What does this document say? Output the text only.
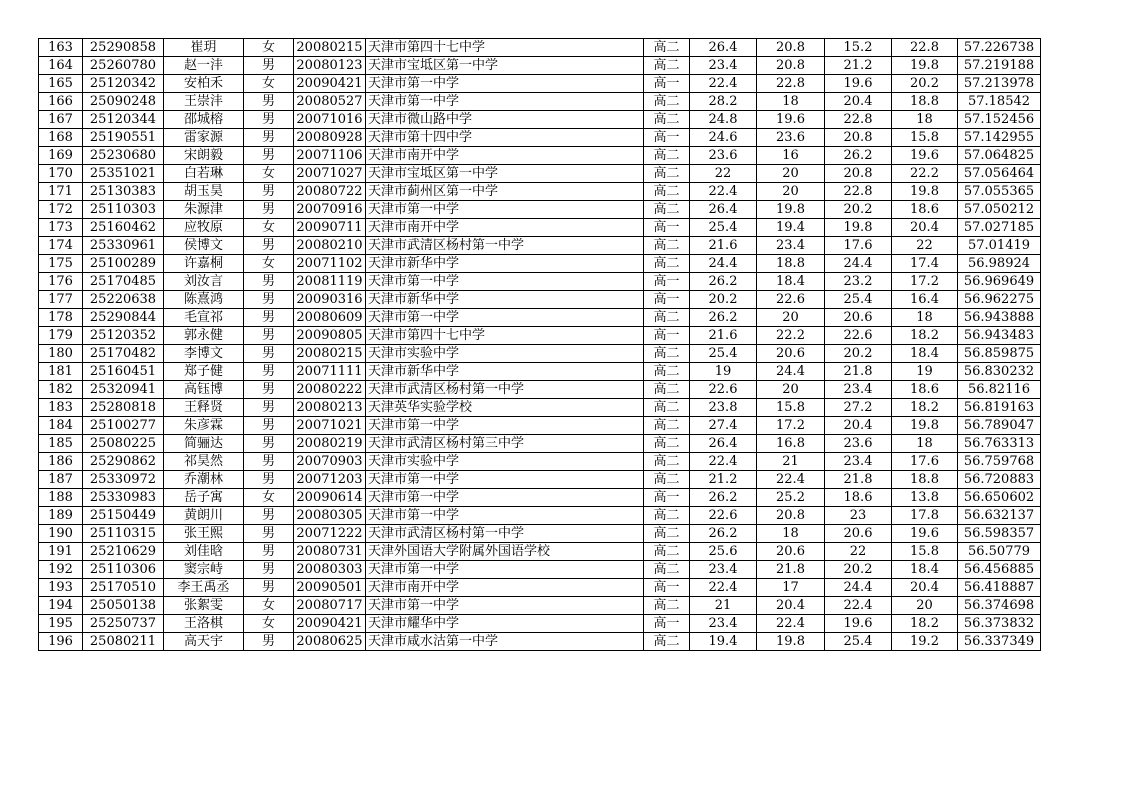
163	25290858	崔玥	女	20080215	天津市第四十七中学	高二	26.4	20.8	15.2	22.8	57.226738
164	25260780	赵一沣	男	20080123	天津市宝坻区第一中学	高二	23.4	20.8	21.2	19.8	57.219188
165	25120342	安柏禾	女	20090421	天津市第一中学	高一	22.4	22.8	19.6	20.2	57.213978
166	25090248	王崇沣	男	20080527	天津市第一中学	高二	28.2	18	20.4	18.8	57.18542
167	25120344	邵城榕	男	20071016	天津市微山路中学	高二	24.8	19.6	22.8	18	57.152456
168	25190551	雷家源	男	20080928	天津市第十四中学	高一	24.6	23.6	20.8	15.8	57.142955
169	25230680	宋朗毅	男	20071106	天津市南开中学	高二	23.6	16	26.2	19.6	57.064825
170	25351021	白若琳	女	20071027	天津市宝坻区第一中学	高二	22	20	20.8	22.2	57.056464
171	25130383	胡玉昊	男	20080722	天津市蓟州区第一中学	高二	22.4	20	22.8	19.8	57.055365
172	25110303	朱源津	男	20070916	天津市第一中学	高二	26.4	19.8	20.2	18.6	57.050212
173	25160462	应牧原	女	20090711	天津市南开中学	高一	25.4	19.4	19.8	20.4	57.027185
174	25330961	侯博文	男	20080210	天津市武清区杨村第一中学	高二	21.6	23.4	17.6	22	57.01419
175	25100289	许嘉桐	女	20071102	天津市新华中学	高二	24.4	18.8	24.4	17.4	56.98924
176	25170485	刘汝言	男	20081119	天津市第一中学	高一	26.2	18.4	23.2	17.2	56.969649
177	25220638	陈熹鸿	男	20090316	天津市新华中学	高一	20.2	22.6	25.4	16.4	56.962275
178	25290844	毛宣祁	男	20080609	天津市第一中学	高二	26.2	20	20.6	18	56.943888
179	25120352	郭永健	男	20090805	天津市第四十七中学	高一	21.6	22.2	22.6	18.2	56.943483
180	25170482	李博文	男	20080215	天津市实验中学	高二	25.4	20.6	20.2	18.4	56.859875
181	25160451	郑子健	男	20071111	天津市新华中学	高二	19	24.4	21.8	19	56.830232
182	25320941	高钰博	男	20080222	天津市武清区杨村第一中学	高二	22.6	20	23.4	18.6	56.82116
183	25280818	王释贤	男	20080213	天津英华实验学校	高二	23.8	15.8	27.2	18.2	56.819163
184	25100277	朱彦霖	男	20071021	天津市第一中学	高二	27.4	17.2	20.4	19.8	56.789047
185	25080225	简骊达	男	20080219	天津市武清区杨村第三中学	高二	26.4	16.8	23.6	18	56.763313
186	25290862	祁昊然	男	20070903	天津市实验中学	高二	22.4	21	23.4	17.6	56.759768
187	25330972	乔潮林	男	20071203	天津市第一中学	高二	21.2	22.4	21.8	18.8	56.720883
188	25330983	岳子寓	女	20090614	天津市第一中学	高一	26.2	25.2	18.6	13.8	56.650602
189	25150449	黄朗川	男	20080305	天津市第一中学	高二	22.6	20.8	23	17.8	56.632137
190	25110315	张王熙	男	20071222	天津市武清区杨村第一中学	高二	26.2	18	20.6	19.6	56.598357
191	25210629	刘佳晗	男	20080731	天津外国语大学附属外国语学校	高二	25.6	20.6	22	15.8	56.50779
192	25110306	窦宗峙	男	20080303	天津市第一中学	高二	23.4	21.8	20.2	18.4	56.456885
193	25170510	李王禹丞	男	20090501	天津市南开中学	高一	22.4	17	24.4	20.4	56.418887
194	25050138	张絮雯	女	20080717	天津市第一中学	高二	21	20.4	22.4	20	56.374698
195	25250737	王洛棋	女	20090421	天津市耀华中学	高一	23.4	22.4	19.6	18.2	56.373832
196	25080211	高天宇	男	20080625	天津市咸水沽第一中学	高二	19.4	19.8	25.4	19.2	56.337349
